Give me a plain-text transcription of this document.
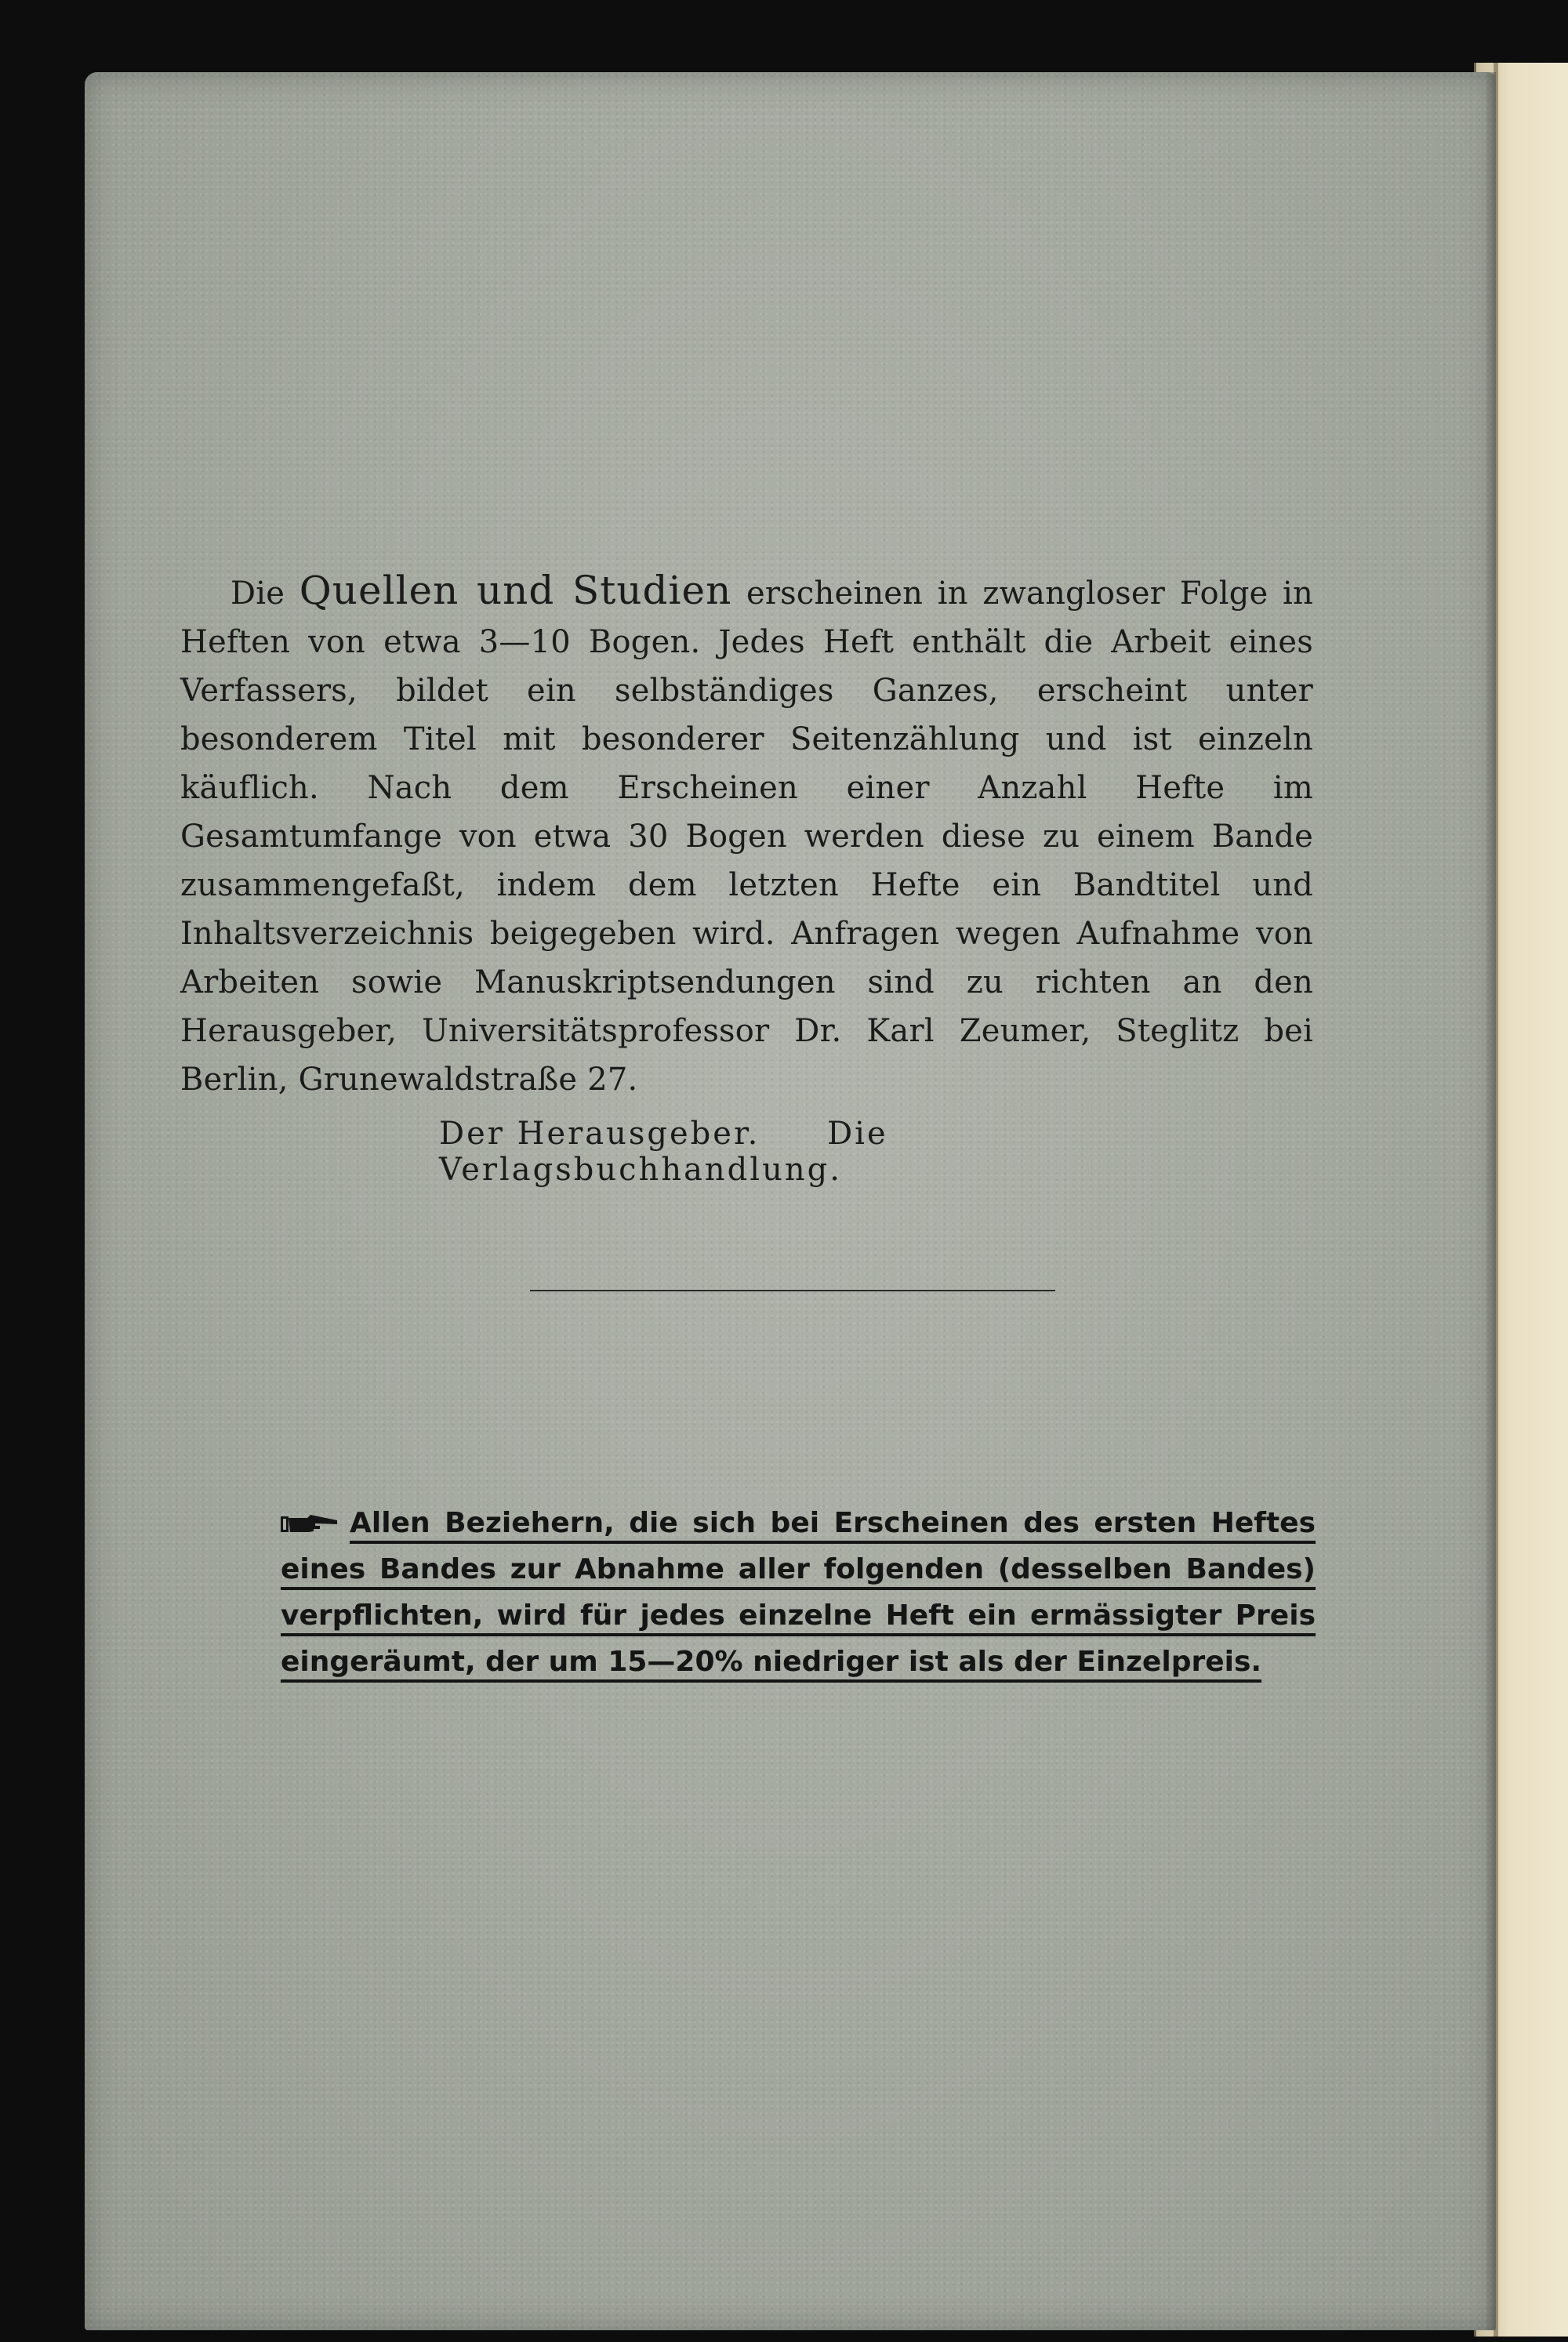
Die Quellen und Studien erscheinen in zwangloser Folge in Heften von etwa 3—10 Bogen. Jedes Heft enthält die Arbeit eines Verfassers, bildet ein selbständiges Ganzes, erscheint unter besonderem Titel mit besonderer Seitenzählung und ist einzeln käuflich. Nach dem Erscheinen einer Anzahl Hefte im Gesamtumfange von etwa 30 Bogen werden diese zu einem Bande zusammengefaßt, indem dem letzten Hefte ein Bandtitel und Inhaltsverzeichnis beigegeben wird. Anfragen wegen Aufnahme von Arbeiten sowie Manuskriptsendungen sind zu richten an den Herausgeber, Universitätsprofessor Dr. Karl Zeumer, Steglitz bei Berlin, Grunewaldstraße 27.

Der Herausgeber. Die Verlagsbuchhandlung.

Allen Beziehern, die sich bei Erscheinen des ersten Heftes eines Bandes zur Abnahme aller folgenden (desselben Bandes) verpflichten, wird für jedes einzelne Heft ein ermässigter Preis eingeräumt, der um 15—20% niedriger ist als der Einzelpreis.
